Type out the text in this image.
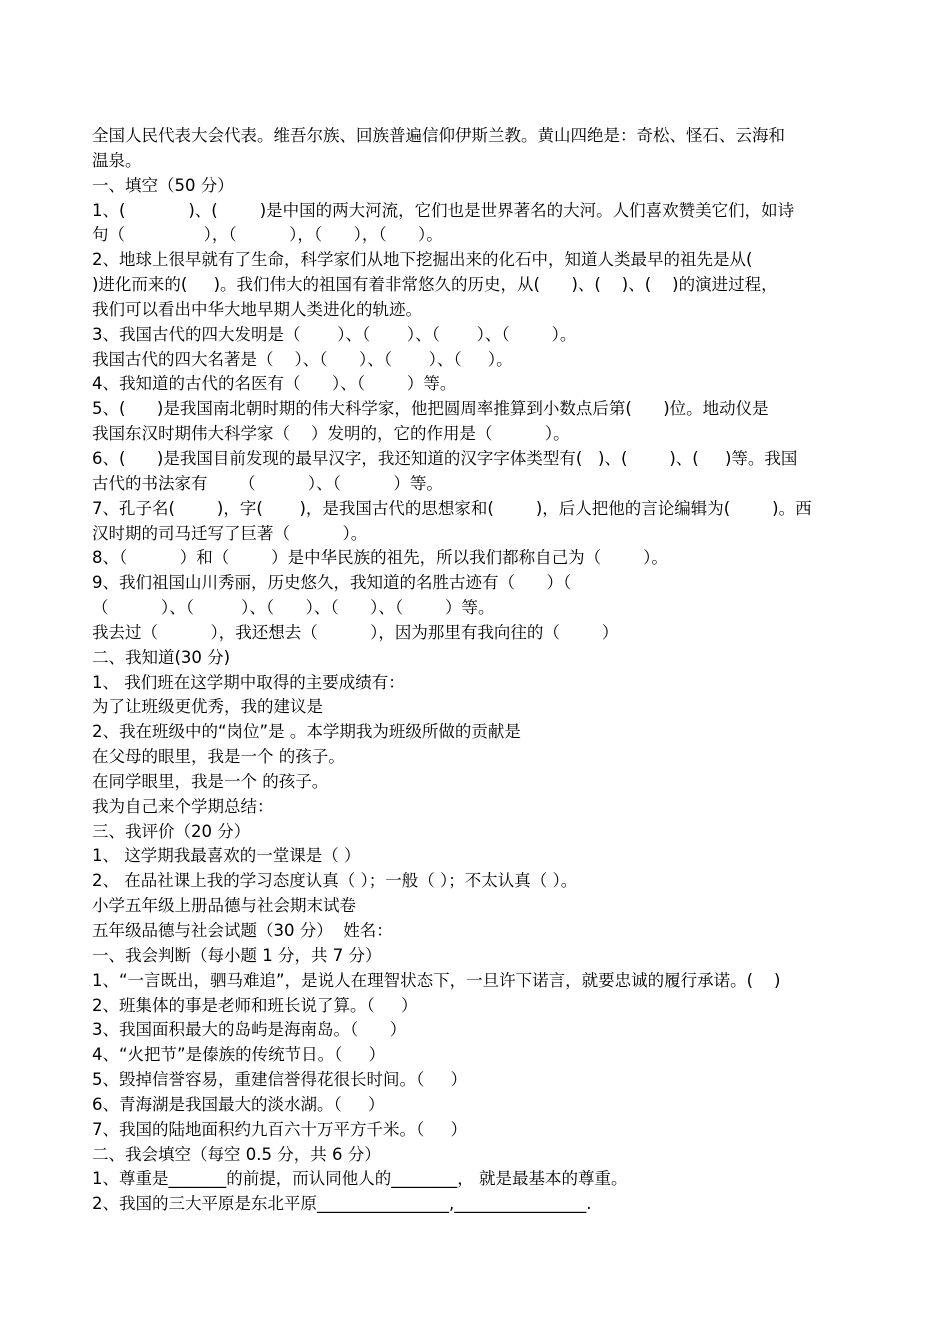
全国人民代表大会代表。维吾尔族、回族普遍信仰伊斯兰教。黄山四绝是：奇松、怪石、云海和
温泉。
一、填空（50 分）
1、(            )、(        )是中国的两大河流，它们也是世界著名的大河。人们喜欢赞美它们，如诗
句（               ），（          ），（      ），（      ）。
2、地球上很早就有了生命，科学家们从地下挖掘出来的化石中，知道人类最早的祖先是从(
)进化而来的(     )。我们伟大的祖国有着非常悠久的历史，从(      )、(    )、(    )的演进过程，
我们可以看出中华大地早期人类进化的轨迹。
3、我国古代的四大发明是（       ）、（       ）、（       ）、（        ）。
我国古代的四大名著是（    ）、（      ）、（       ）、（     ）。
4、我知道的古代的名医有（      ）、（        ）等。
5、(      )是我国南北朝时期的伟大科学家，他把圆周率推算到小数点后第(      )位。地动仪是
我国东汉时期伟大科学家（    ）发明的，它的作用是（          ）。
6、(      )是我国目前发现的最早汉字，我还知道的汉字字体类型有(   )、(        )、(     )等。我国
古代的书法家有      （          ）、（          ）等。
7、孔子名(        )，字(       )，是我国古代的思想家和(        )，后人把他的言论编辑为(        )。西
汉时期的司马迁写了巨著（          ）。
8、（          ）和（        ）是中华民族的祖先，所以我们都称自己为（        ）。
9、我们祖国山川秀丽，历史悠久，我知道的名胜古迹有（      ）（
（          ）、（         ）、（      ）、（      ）、（        ）等。
我去过（          ），我还想去（          ），因为那里有我向往的（        ）
二、我知道(30 分)
1、 我们班在这学期中取得的主要成绩有：
为了让班级更优秀，我的建议是
2、我在班级中的“岗位”是 。本学期我为班级所做的贡献是
在父母的眼里，我是一个 的孩子。
在同学眼里，我是一个 的孩子。
我为自己来个学期总结：
三、我评价（20 分）
1、 这学期我最喜欢的一堂课是（ ）
2、 在品社课上我的学习态度认真（ ）；一般（ ）；不太认真（ ）。
小学五年级上册品德与社会期末试卷
五年级品德与社会试题（30 分）  姓名：
一、我会判断（每小题 1 分，共 7 分）
1、“一言既出，驷马难追”，是说人在理智状态下，一旦许下诺言，就要忠诚的履行承诺。(    )
2、班集体的事是老师和班长说了算。（     ）
3、我国面积最大的岛屿是海南岛。（      ）
4、“火把节”是傣族的传统节日。（     ）
5、毁掉信誉容易，重建信誉得花很长时间。（     ）
6、青海湖是我国最大的淡水湖。（     ）
7、我国的陆地面积约九百六十万平方千米。（     ）
二、我会填空（每空 0.5 分，共 6 分）
1、尊重是_______的前提，而认同他人的________， 就是最基本的尊重。
2、我国的三大平原是东北平原________________,________________.
